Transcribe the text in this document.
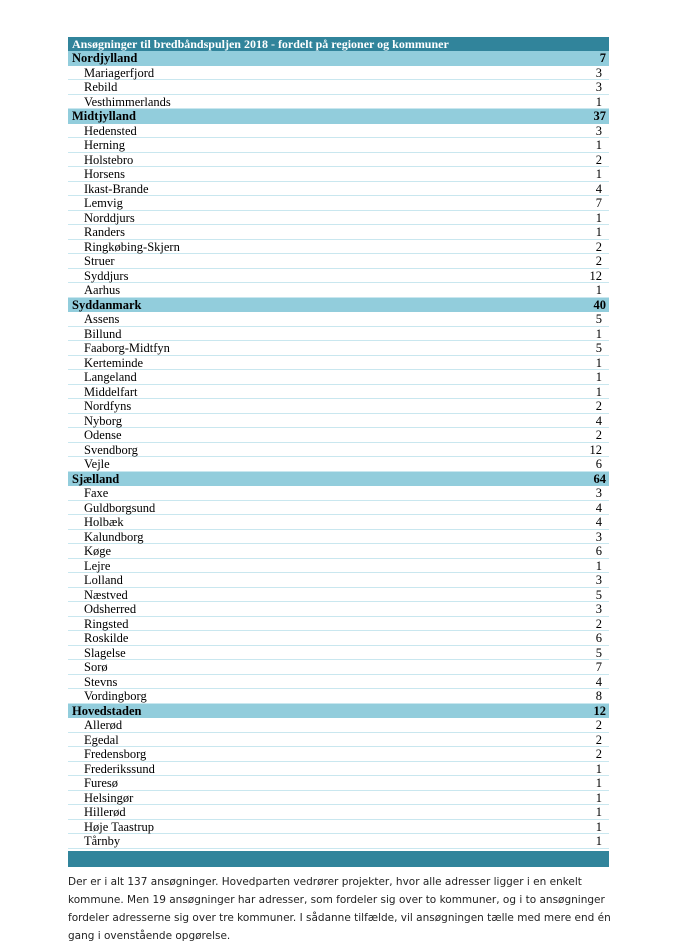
Ansøgninger til bredbåndspuljen 2018 - fordelt på regioner og kommuner
Nordjylland	7
Mariagerfjord	3
Rebild	3
Vesthimmerlands	1
Midtjylland	37
Hedensted	3
Herning	1
Holstebro	2
Horsens	1
Ikast-Brande	4
Lemvig	7
Norddjurs	1
Randers	1
Ringkøbing-Skjern	2
Struer	2
Syddjurs	12
Aarhus	1
Syddanmark	40
Assens	5
Billund	1
Faaborg-Midtfyn	5
Kerteminde	1
Langeland	1
Middelfart	1
Nordfyns	2
Nyborg	4
Odense	2
Svendborg	12
Vejle	6
Sjælland	64
Faxe	3
Guldborgsund	4
Holbæk	4
Kalundborg	3
Køge	6
Lejre	1
Lolland	3
Næstved	5
Odsherred	3
Ringsted	2
Roskilde	6
Slagelse	5
Sorø	7
Stevns	4
Vordingborg	8
Hovedstaden	12
Allerød	2
Egedal	2
Fredensborg	2
Frederikssund	1
Furesø	1
Helsingør	1
Hillerød	1
Høje Taastrup	1
Tårnby	1

Der er i alt 137 ansøgninger. Hovedparten vedrører projekter, hvor alle adresser ligger i en enkelt kommune. Men 19 ansøgninger har adresser, som fordeler sig over to kommuner, og i to ansøgninger fordeler adresserne sig over tre kommuner. I sådanne tilfælde, vil ansøgningen tælle med mere end én gang i ovenstående opgørelse.
